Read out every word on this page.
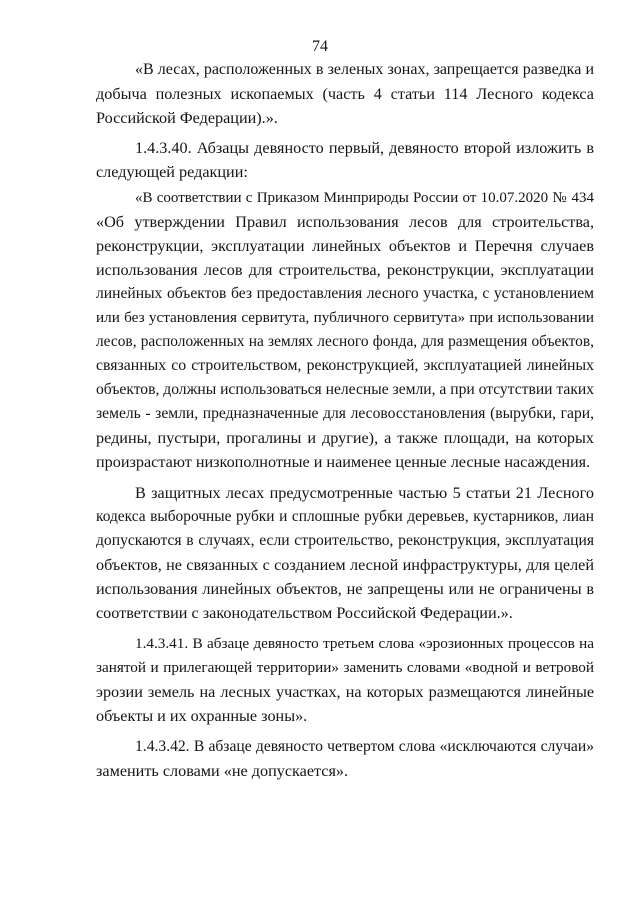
74
«В лесах, расположенных в зеленых зонах, запрещается разведка и
добыча полезных ископаемых (часть 4 статьи 114 Лесного кодекса
Российской Федерации).».
1.4.3.40. Абзацы девяносто первый, девяносто второй изложить в
следующей редакции:
«В соответствии с Приказом Минприроды России от 10.07.2020 № 434
«Об утверждении Правил использования лесов для строительства,
реконструкции, эксплуатации линейных объектов и Перечня случаев
использования лесов для строительства, реконструкции, эксплуатации
линейных объектов без предоставления лесного участка, с установлением
или без установления сервитута, публичного сервитута» при использовании
лесов, расположенных на землях лесного фонда, для размещения объектов,
связанных со строительством, реконструкцией, эксплуатацией линейных
объектов, должны использоваться нелесные земли, а при отсутствии таких
земель - земли, предназначенные для лесовосстановления (вырубки, гари,
редины, пустыри, прогалины и другие), а также площади, на которых
произрастают низкополнотные и наименее ценные лесные насаждения.
В защитных лесах предусмотренные частью 5 статьи 21 Лесного
кодекса выборочные рубки и сплошные рубки деревьев, кустарников, лиан
допускаются в случаях, если строительство, реконструкция, эксплуатация
объектов, не связанных с созданием лесной инфраструктуры, для целей
использования линейных объектов, не запрещены или не ограничены в
соответствии с законодательством Российской Федерации.».
1.4.3.41. В абзаце девяносто третьем слова «эрозионных процессов на
занятой и прилегающей территории» заменить словами «водной и ветровой
эрозии земель на лесных участках, на которых размещаются линейные
объекты и их охранные зоны».
1.4.3.42. В абзаце девяносто четвертом слова «исключаются случаи»
заменить словами «не допускается».
